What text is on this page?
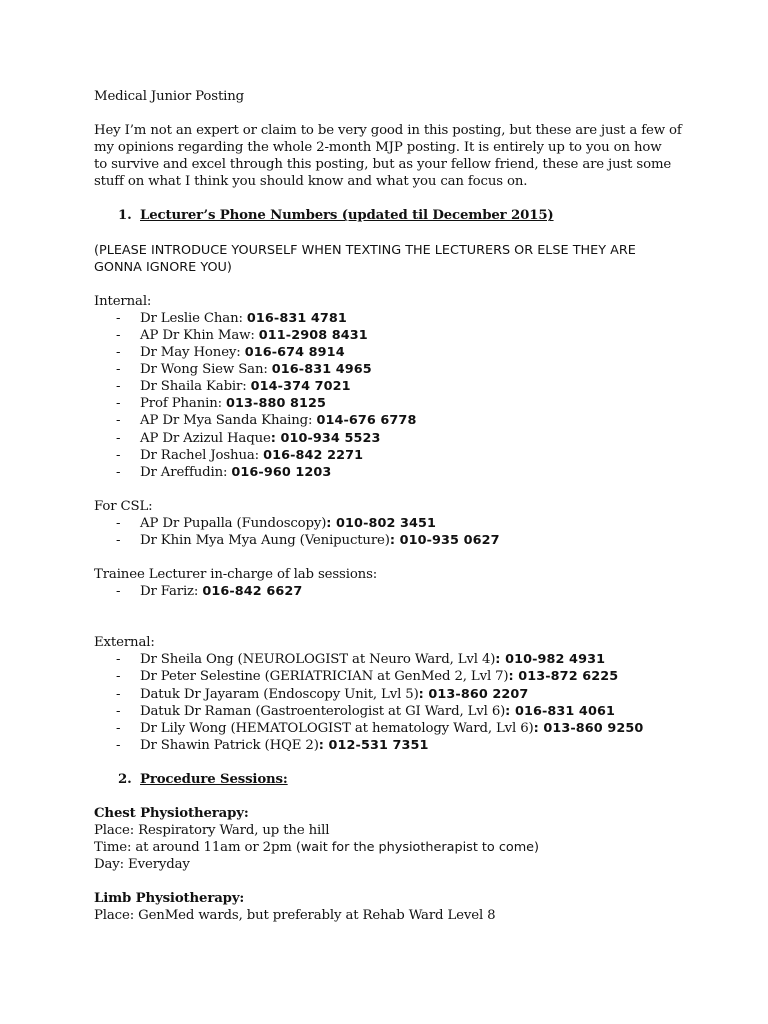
Medical Junior Posting
Hey I’m not an expert or claim to be very good in this posting, but these are just a few of
my opinions regarding the whole 2-month MJP posting. It is entirely up to you on how
to survive and excel through this posting, but as your fellow friend, these are just some
stuff on what I think you should know and what you can focus on.
1. Lecturer’s Phone Numbers (updated til December 2015)
(PLEASE INTRODUCE YOURSELF WHEN TEXTING THE LECTURERS OR ELSE THEY ARE
GONNA IGNORE YOU)
Internal:
- Dr Leslie Chan: 016-831 4781
- AP Dr Khin Maw: 011-2908 8431
- Dr May Honey: 016-674 8914
- Dr Wong Siew San: 016-831 4965
- Dr Shaila Kabir: 014-374 7021
- Prof Phanin: 013-880 8125
- AP Dr Mya Sanda Khaing: 014-676 6778
- AP Dr Azizul Haque: 010-934 5523
- Dr Rachel Joshua: 016-842 2271
- Dr Areffudin: 016-960 1203
For CSL:
- AP Dr Pupalla (Fundoscopy): 010-802 3451
- Dr Khin Mya Mya Aung (Venipucture): 010-935 0627
Trainee Lecturer in-charge of lab sessions:
- Dr Fariz: 016-842 6627
External:
- Dr Sheila Ong (NEUROLOGIST at Neuro Ward, Lvl 4): 010-982 4931
- Dr Peter Selestine (GERIATRICIAN at GenMed 2, Lvl 7): 013-872 6225
- Datuk Dr Jayaram (Endoscopy Unit, Lvl 5): 013-860 2207
- Datuk Dr Raman (Gastroenterologist at GI Ward, Lvl 6): 016-831 4061
- Dr Lily Wong (HEMATOLOGIST at hematology Ward, Lvl 6): 013-860 9250
- Dr Shawin Patrick (HQE 2): 012-531 7351
2. Procedure Sessions:
Chest Physiotherapy:
Place: Respiratory Ward, up the hill
Time: at around 11am or 2pm (wait for the physiotherapist to come)
Day: Everyday
Limb Physiotherapy:
Place: GenMed wards, but preferably at Rehab Ward Level 8
